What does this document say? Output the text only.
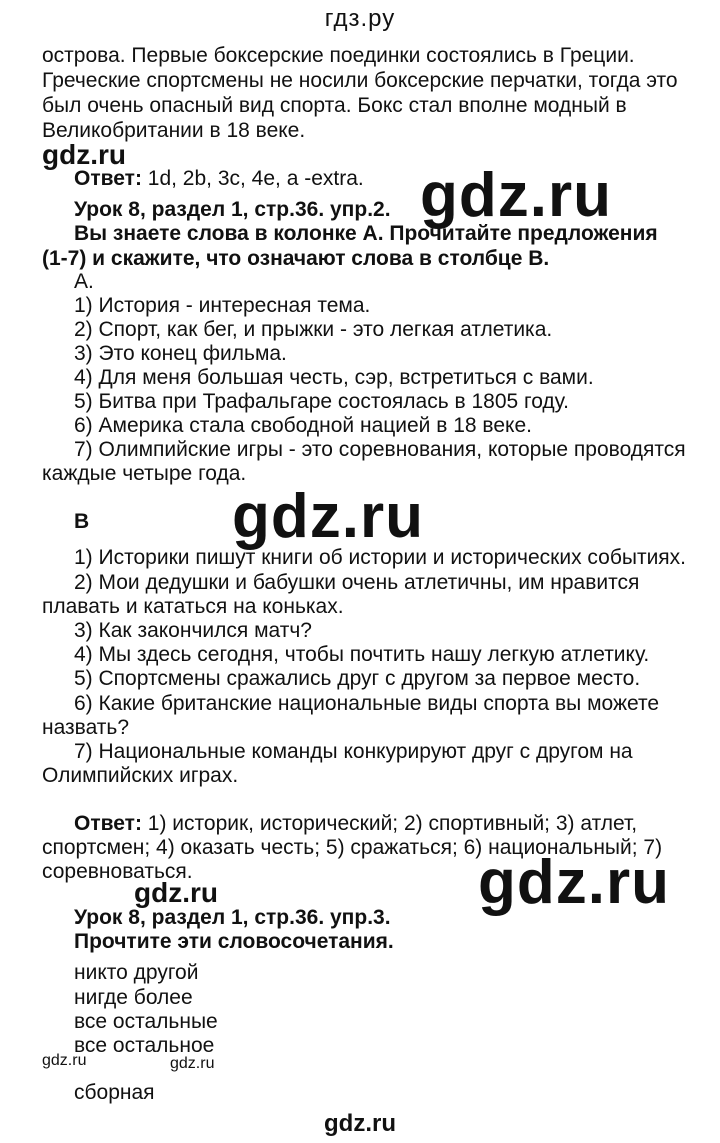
гдз.ру
острова. Первые боксерские поединки состоялись в Греции.
Греческие спортсмены не носили боксерские перчатки, тогда это
был очень опасный вид спорта. Бокс стал вполне модный в
Великобритании в 18 веке.
gdz.ru
Ответ: 1d, 2b, 3c, 4e, a -extra. gdz.ru
Урок 8, раздел 1, стр.36. упр.2.
Вы знаете слова в колонке А. Прочитайте предложения
(1-7) и скажите, что означают слова в столбце В.
А.
1) История - интересная тема.
2) Спорт, как бег, и прыжки - это легкая атлетика.
3) Это конец фильма.
4) Для меня большая честь, сэр, встретиться с вами.
5) Битва при Трафальгаре состоялась в 1805 году.
6) Америка стала свободной нацией в 18 веке.
7) Олимпийские игры - это соревнования, которые проводятся
каждые четыре года.
В gdz.ru
1) Историки пишут книги об истории и исторических событиях.
2) Мои дедушки и бабушки очень атлетичны, им нравится
плавать и кататься на коньках.
3) Как закончился матч?
4) Мы здесь сегодня, чтобы почтить нашу легкую атлетику.
5) Спортсмены сражались друг с другом за первое место.
6) Какие британские национальные виды спорта вы можете
назвать?
7) Национальные команды конкурируют друг с другом на
Олимпийских играх.
Ответ: 1) историк, исторический; 2) спортивный; 3) атлет,
спортсмен; 4) оказать честь; 5) сражаться; 6) национальный; 7)
соревноваться.	gdz.ru
gdz.ru
Урок 8, раздел 1, стр.36. упр.3.
Прочтите эти словосочетания.
никто другой
нигде более
все остальные
все остальное
gdz.ru	gdz.ru
сборная
gdz.ru
